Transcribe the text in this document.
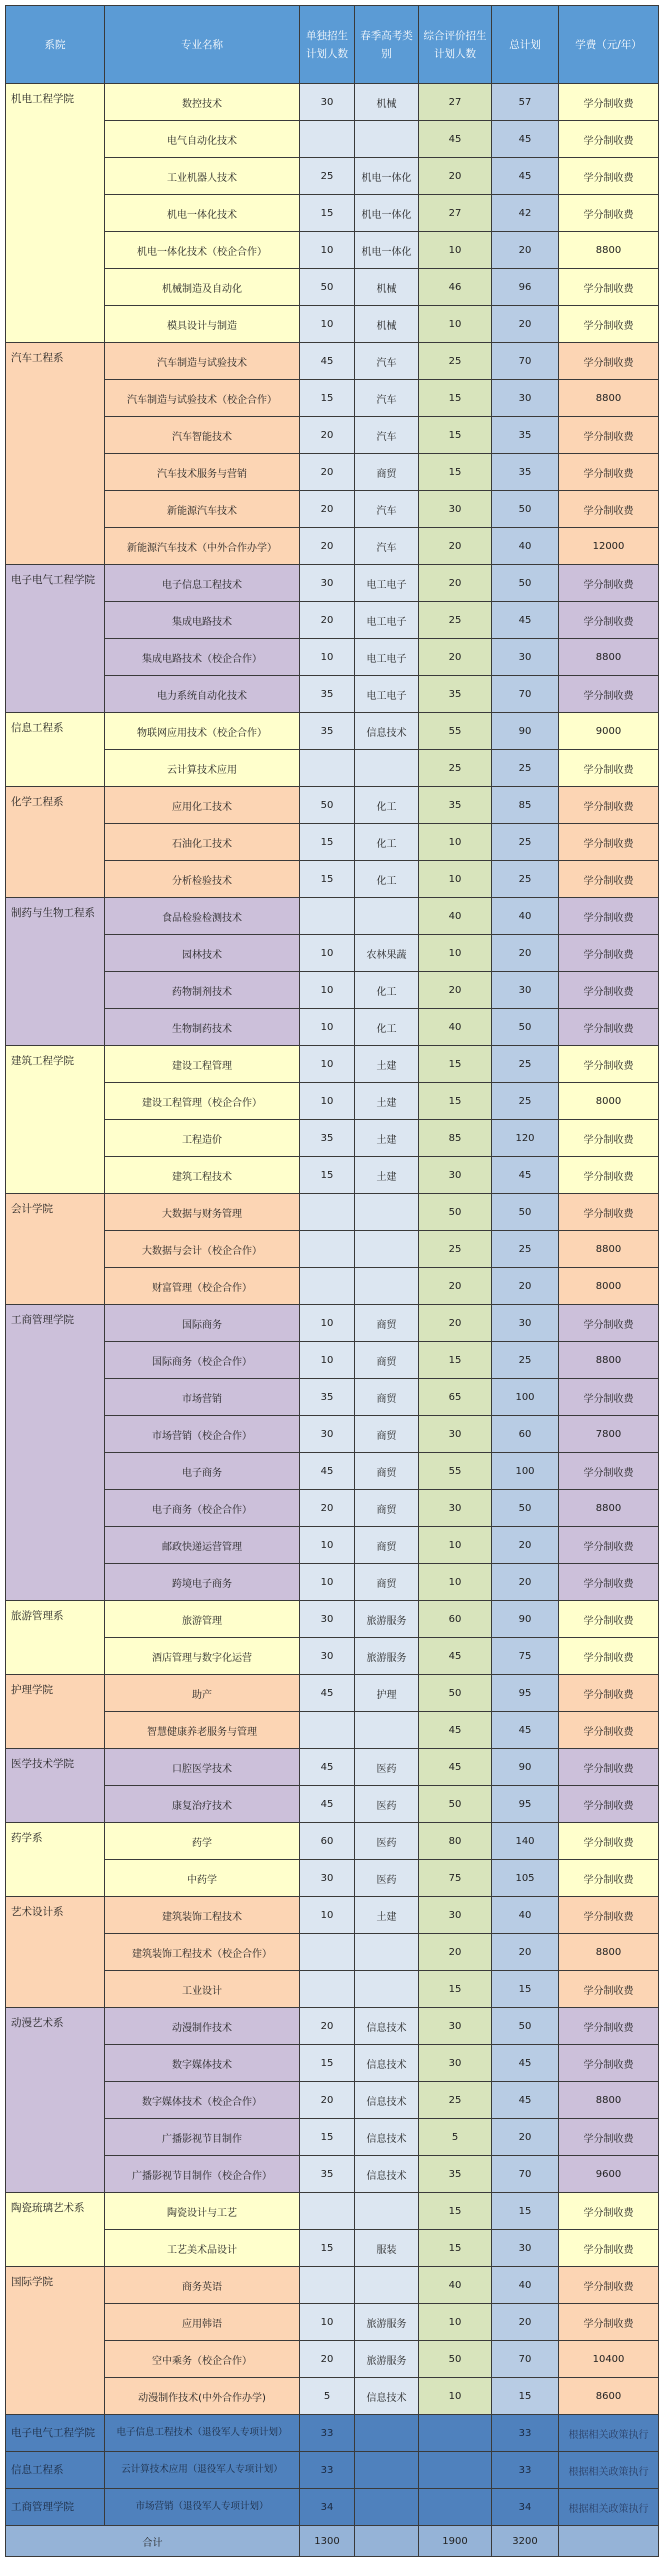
系院	专业名称	单独招生计划人数	春季高考类别	综合评价招生计划人数	总计划	学费（元/年）
机电工程学院	数控技术	30	机械	27	57	学分制收费
	电气自动化技术			45	45	学分制收费
	工业机器人技术	25	机电一体化	20	45	学分制收费
	机电一体化技术	15	机电一体化	27	42	学分制收费
	机电一体化技术（校企合作）	10	机电一体化	10	20	8800
	机械制造及自动化	50	机械	46	96	学分制收费
	模具设计与制造	10	机械	10	20	学分制收费
汽车工程系	汽车制造与试验技术	45	汽车	25	70	学分制收费
	汽车制造与试验技术（校企合作）	15	汽车	15	30	8800
	汽车智能技术	20	汽车	15	35	学分制收费
	汽车技术服务与营销	20	商贸	15	35	学分制收费
	新能源汽车技术	20	汽车	30	50	学分制收费
	新能源汽车技术（中外合作办学）	20	汽车	20	40	12000
电子电气工程学院	电子信息工程技术	30	电工电子	20	50	学分制收费
	集成电路技术	20	电工电子	25	45	学分制收费
	集成电路技术（校企合作）	10	电工电子	20	30	8800
	电力系统自动化技术	35	电工电子	35	70	学分制收费
信息工程系	物联网应用技术（校企合作）	35	信息技术	55	90	9000
	云计算技术应用			25	25	学分制收费
化学工程系	应用化工技术	50	化工	35	85	学分制收费
	石油化工技术	15	化工	10	25	学分制收费
	分析检验技术	15	化工	10	25	学分制收费
制药与生物工程系	食品检验检测技术			40	40	学分制收费
	园林技术	10	农林果蔬	10	20	学分制收费
	药物制剂技术	10	化工	20	30	学分制收费
	生物制药技术	10	化工	40	50	学分制收费
建筑工程学院	建设工程管理	10	土建	15	25	学分制收费
	建设工程管理（校企合作）	10	土建	15	25	8000
	工程造价	35	土建	85	120	学分制收费
	建筑工程技术	15	土建	30	45	学分制收费
会计学院	大数据与财务管理			50	50	学分制收费
	大数据与会计（校企合作）			25	25	8800
	财富管理（校企合作）			20	20	8000
工商管理学院	国际商务	10	商贸	20	30	学分制收费
	国际商务（校企合作）	10	商贸	15	25	8800
	市场营销	35	商贸	65	100	学分制收费
	市场营销（校企合作）	30	商贸	30	60	7800
	电子商务	45	商贸	55	100	学分制收费
	电子商务（校企合作）	20	商贸	30	50	8800
	邮政快递运营管理	10	商贸	10	20	学分制收费
	跨境电子商务	10	商贸	10	20	学分制收费
旅游管理系	旅游管理	30	旅游服务	60	90	学分制收费
	酒店管理与数字化运营	30	旅游服务	45	75	学分制收费
护理学院	助产	45	护理	50	95	学分制收费
	智慧健康养老服务与管理			45	45	学分制收费
医学技术学院	口腔医学技术	45	医药	45	90	学分制收费
	康复治疗技术	45	医药	50	95	学分制收费
药学系	药学	60	医药	80	140	学分制收费
	中药学	30	医药	75	105	学分制收费
艺术设计系	建筑装饰工程技术	10	土建	30	40	学分制收费
	建筑装饰工程技术（校企合作）			20	20	8800
	工业设计			15	15	学分制收费
动漫艺术系	动漫制作技术	20	信息技术	30	50	学分制收费
	数字媒体技术	15	信息技术	30	45	学分制收费
	数字媒体技术（校企合作）	20	信息技术	25	45	8800
	广播影视节目制作	15	信息技术	5	20	学分制收费
	广播影视节目制作（校企合作）	35	信息技术	35	70	9600
陶瓷琉璃艺术系	陶瓷设计与工艺			15	15	学分制收费
	工艺美术品设计	15	服装	15	30	学分制收费
国际学院	商务英语			40	40	学分制收费
	应用韩语	10	旅游服务	10	20	学分制收费
	空中乘务（校企合作）	20	旅游服务	50	70	10400
	动漫制作技术(中外合作办学)	5	信息技术	10	15	8600
电子电气工程学院	电子信息工程技术（退役军人专项计划）	33			33	根据相关政策执行
信息工程系	云计算技术应用（退役军人专项计划）	33			33	根据相关政策执行
工商管理学院	市场营销（退役军人专项计划）	34			34	根据相关政策执行
合计		1300		1900	3200	
